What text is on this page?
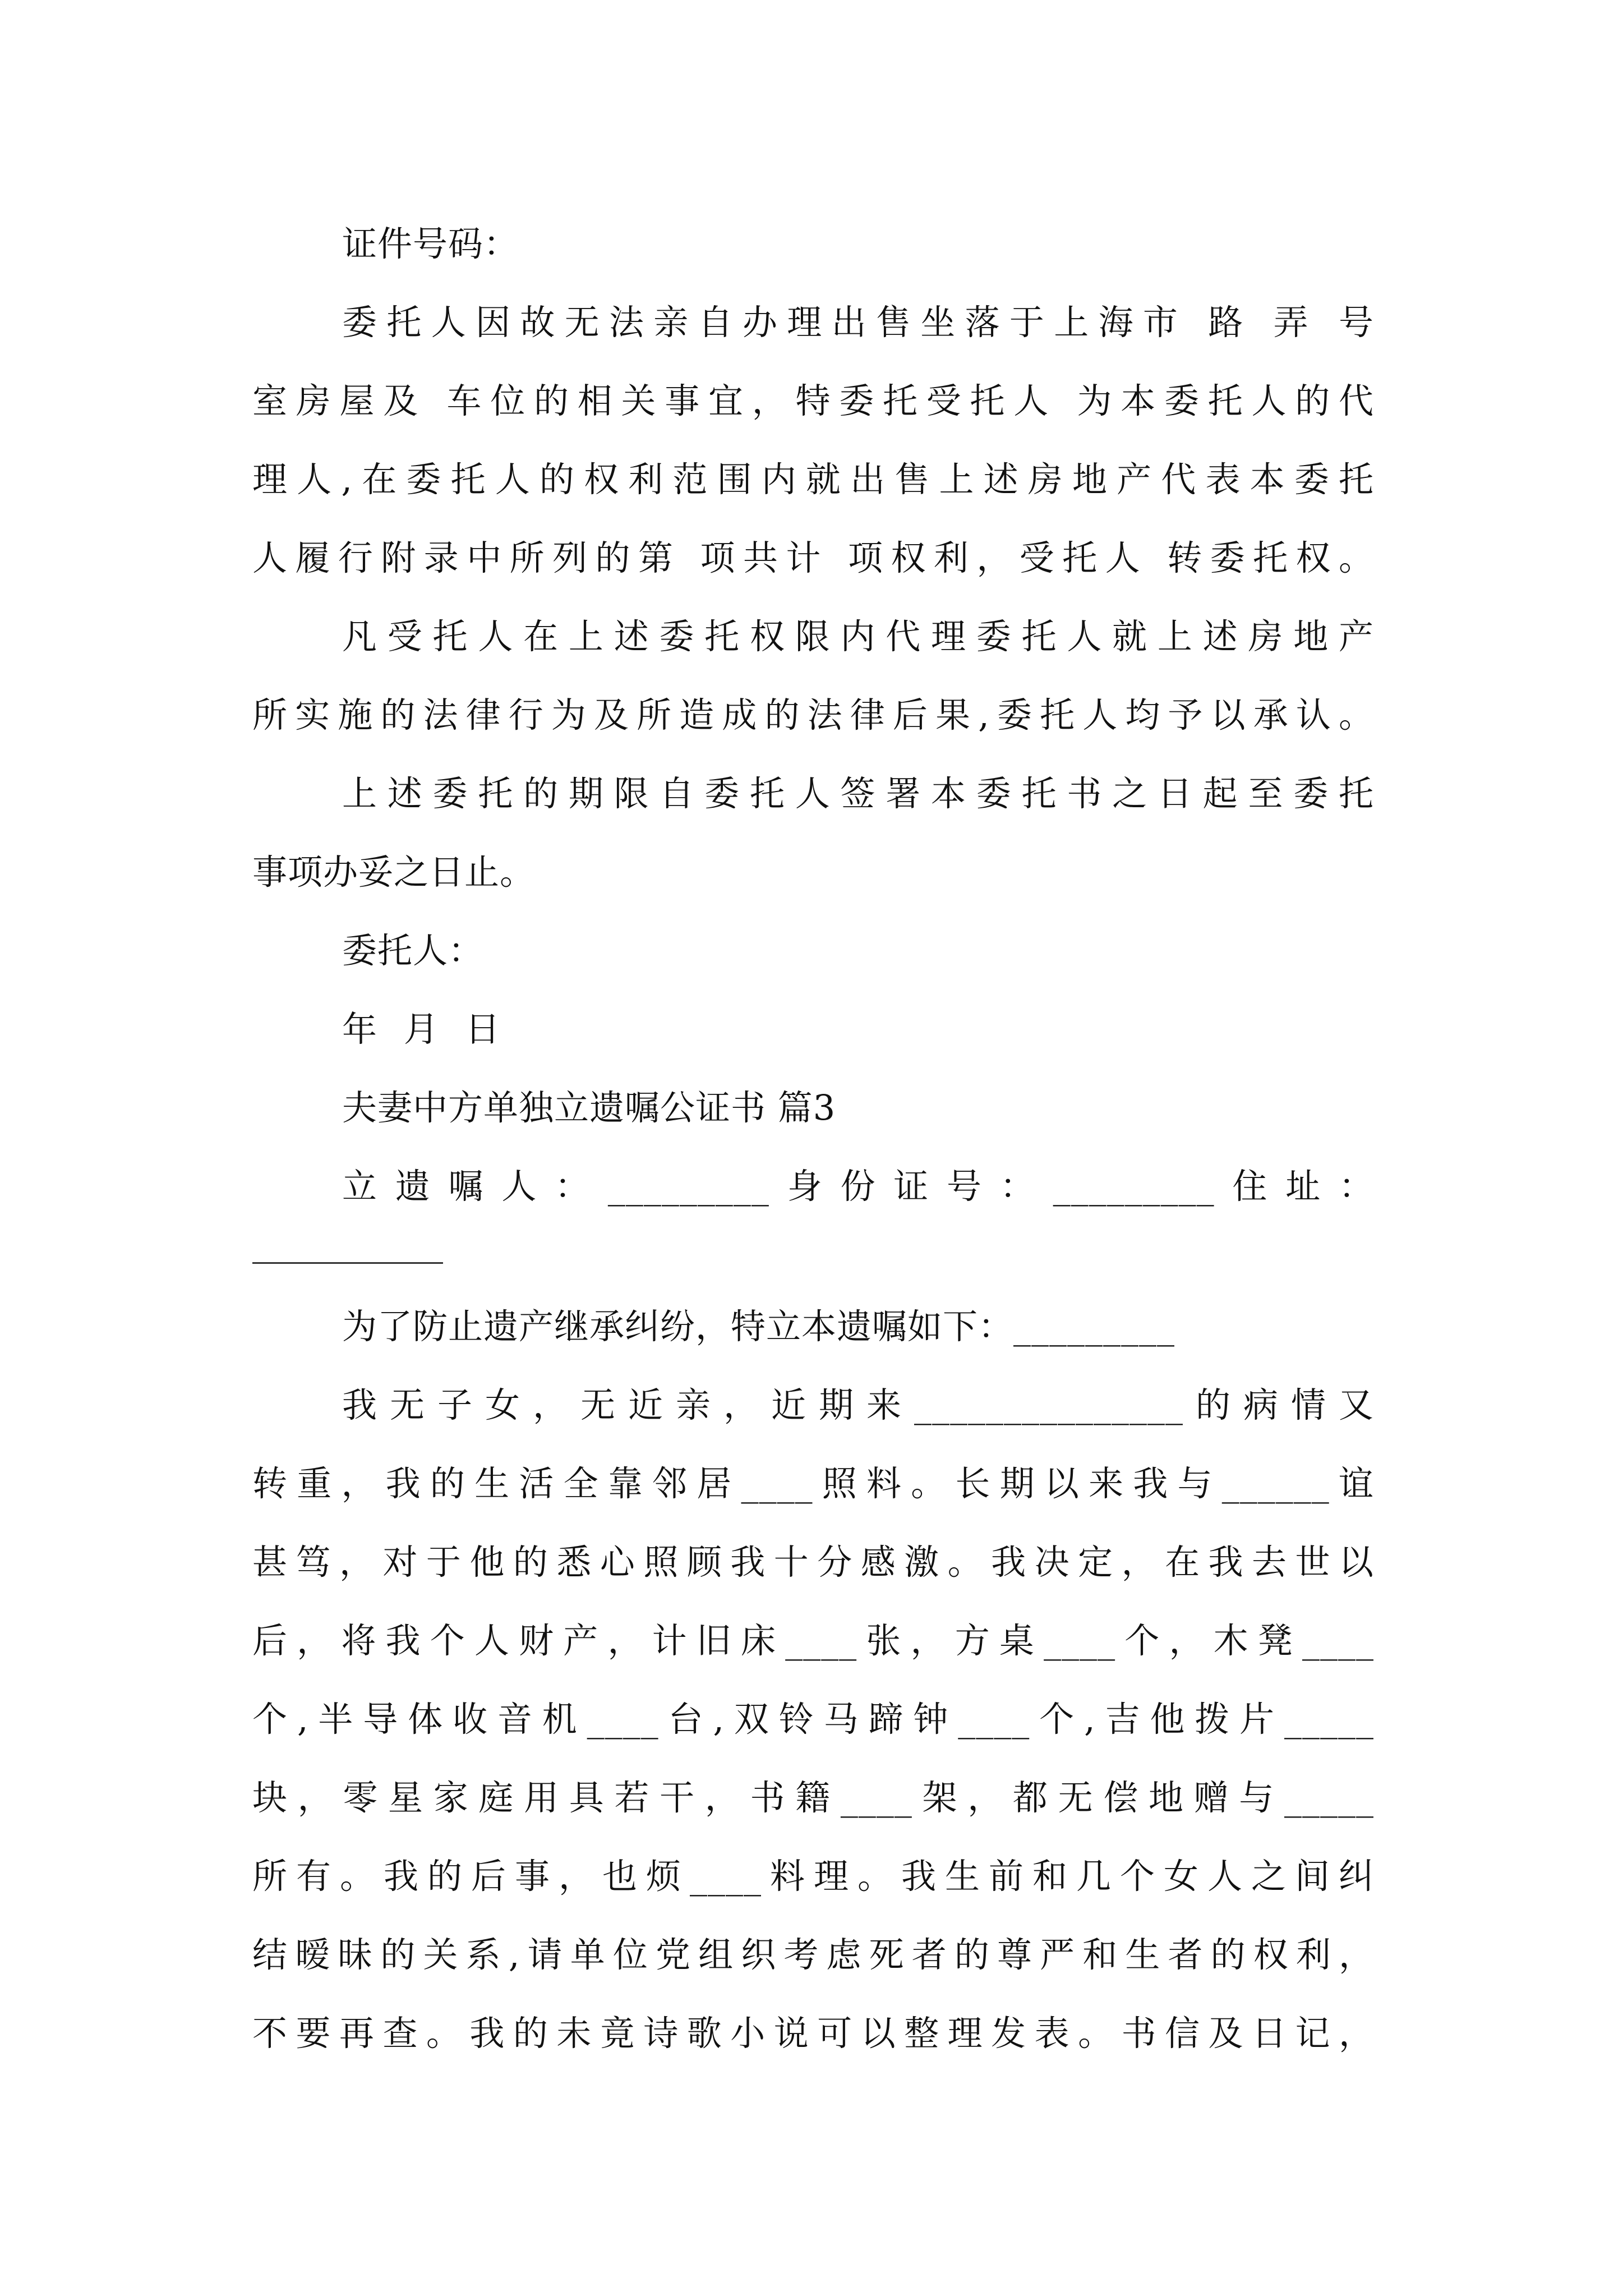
证件号码：
委托人因故无法亲自办理出售坐落于上海市 路 弄 号
室房屋及 车位的相关事宜，特委托受托人 为本委托人的代
理人,在委托人的权利范围内就出售上述房地产代表本委托
人履行附录中所列的第 项共计 项权利，受托人 转委托权。
凡受托人在上述委托权限内代理委托人就上述房地产
所实施的法律行为及所造成的法律后果,委托人均予以承认。
上述委托的期限自委托人签署本委托书之日起至委托
事项办妥之日止。
委托人：
年 月 日
夫妻中方单独立遗嘱公证书 篇3
立遗嘱人：_________身份证号：_________住址：
为了防止遗产继承纠纷，特立本遗嘱如下：_________
我无子女，无近亲，近期来_______________的病情又
转重，我的生活全靠邻居____照料。长期以来我与______谊
甚笃，对于他的悉心照顾我十分感激。我决定，在我去世以
后，将我个人财产，计旧床____张，方桌____个，木凳____
个,半导体收音机____台,双铃马蹄钟____个,吉他拨片_____
块，零星家庭用具若干，书籍____架，都无偿地赠与_____
所有。我的后事，也烦____料理。我生前和几个女人之间纠
结暧昧的关系,请单位党组织考虑死者的尊严和生者的权利，
不要再查。我的未竟诗歌小说可以整理发表。书信及日记，
